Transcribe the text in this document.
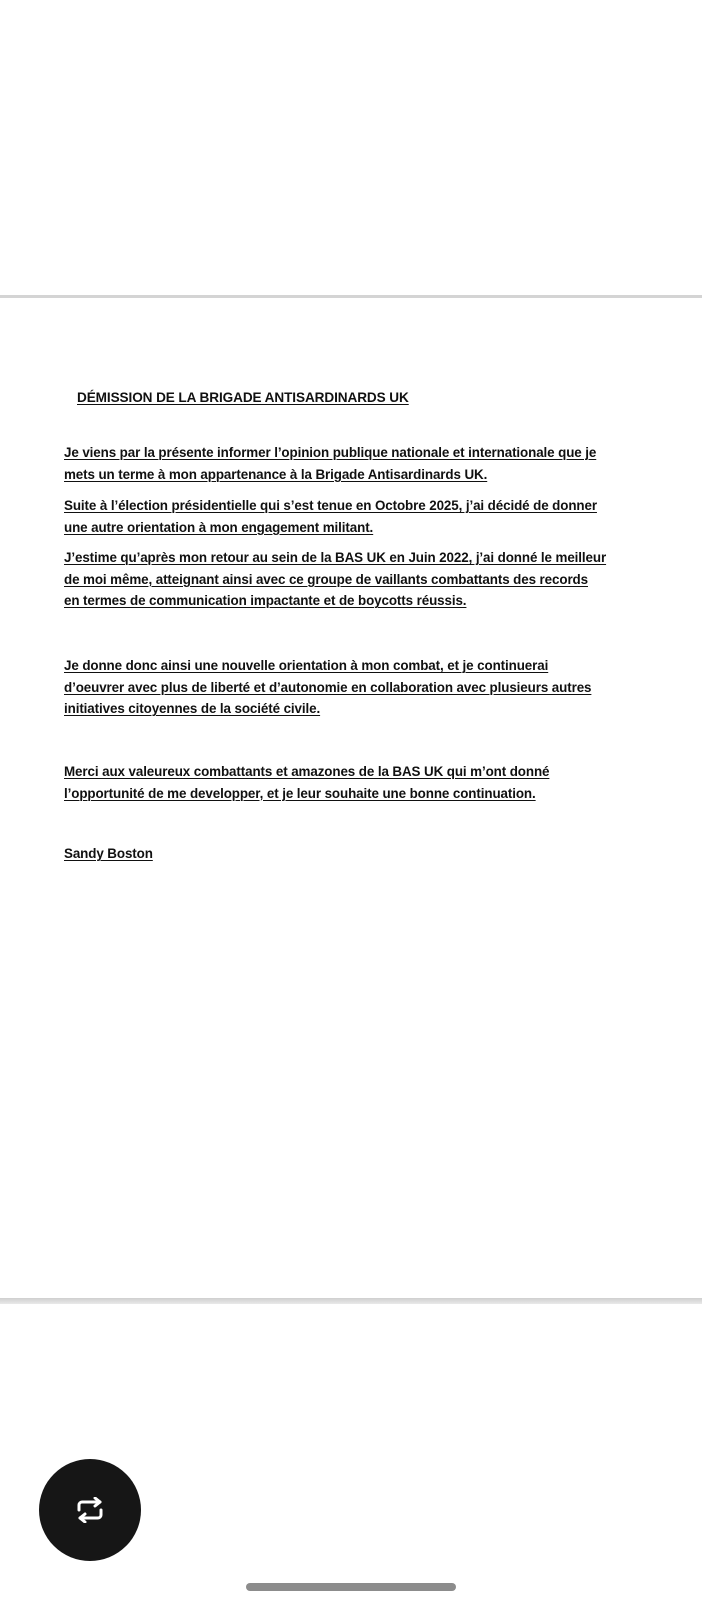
DÉMISSION DE LA BRIGADE ANTISARDINARDS UK
Je viens par la présente informer l’opinion publique nationale et internationale que je
mets un terme à mon appartenance à la Brigade Antisardinards UK.
Suite à l’élection présidentielle qui s’est tenue en Octobre 2025, j’ai décidé de donner
une autre orientation à mon engagement militant.
J’estime qu’après mon retour au sein de la BAS UK en Juin 2022, j’ai donné le meilleur
de moi même, atteignant ainsi avec ce groupe de vaillants combattants des records
en termes de communication impactante et de boycotts réussis.
Je donne donc ainsi une nouvelle orientation à mon combat, et je continuerai
d’oeuvrer avec plus de liberté et d’autonomie en collaboration avec plusieurs autres
initiatives citoyennes de la société civile.
Merci aux valeureux combattants et amazones de la BAS UK qui m’ont donné
l’opportunité de me developper, et je leur souhaite une bonne continuation.
Sandy Boston
